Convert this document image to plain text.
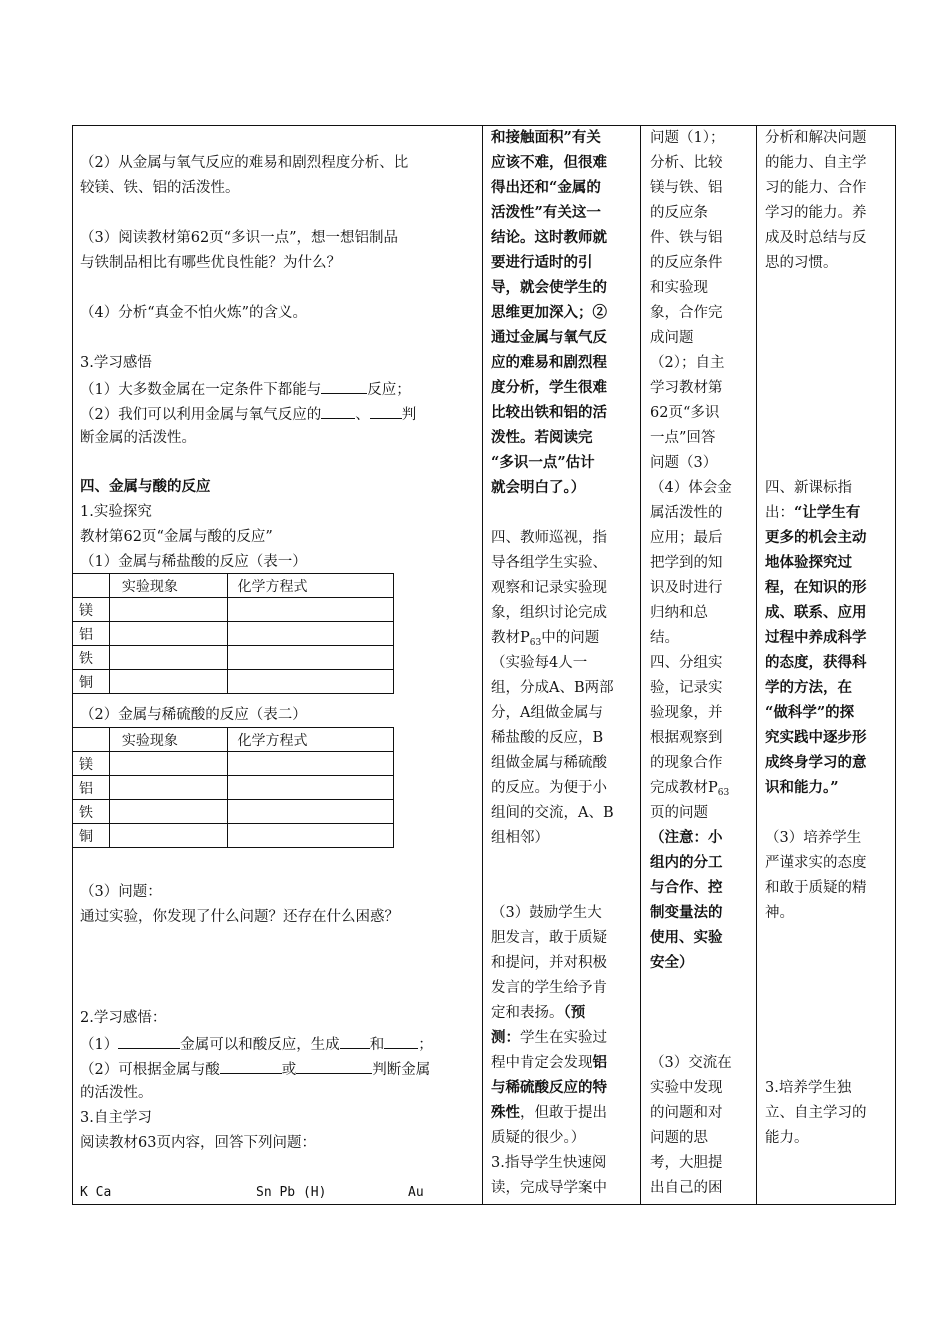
（2）从金属与氧气反应的难易和剧烈程度分析、比
较镁、铁、铝的活泼性。
（3）阅读教材第62页“多识一点”，想一想铝制品
与铁制品相比有哪些优良性能？为什么？
（4）分析“真金不怕火炼”的含义。
3.学习感悟
（1）大多数金属在一定条件下都能与	反应；
（2）我们可以利用金属与氧气反应的 、 判
断金属的活泼性。
四、金属与酸的反应
1.实验探究
教材第62页“金属与酸的反应”
（1）金属与稀盐酸的反应（表一）
	实验现象	化学方程式
镁		
铝		
铁		
铜		
（2）金属与稀硫酸的反应（表二）
	实验现象	化学方程式
镁		
铝		
铁		
铜		
（3）问题：
通过实验，你发现了什么问题？还存在什么困惑？
2.学习感悟：
（1）	金属可以和酸反应，生成 和 ；
（2）可根据金属与酸	或	判断金属
的活泼性。
3.自主学习
阅读教材63页内容，回答下列问题：
K Ca	Sn Pb (H)	Au
和接触面积”有关
应该不难，但很难
得出还和“金属的
活泼性”有关这一
结论。这时教师就
要进行适时的引
导，就会使学生的
思维更加深入；②
通过金属与氧气反
应的难易和剧烈程
度分析，学生很难
比较出铁和铝的活
泼性。若阅读完
“多识一点”估计
就会明白了。）
四、教师巡视，指
导各组学生实验、
观察和记录实验现
象，组织讨论完成
教材$P_{63}$中的问题
（实验每4人一
组，分成A、B两部
分，A组做金属与
稀盐酸的反应，B
组做金属与稀硫酸
的反应。为便于小
组间的交流，A、B
组相邻）
（3）鼓励学生大
胆发言，敢于质疑
和提问，并对积极
发言的学生给予肯
定和表扬。（预
测：学生在实验过
程中肯定会发现铝
与稀硫酸反应的特
殊性，但敢于提出
质疑的很少。）
3.指导学生快速阅
读，完成导学案中
问题（1）；
分析、比较
镁与铁、铝
的反应条
件、铁与铝
的反应条件
和实验现
象，合作完
成问题
（2）；自主
学习教材第
62页“多识
一点”回答
问题（3）
（4）体会金
属活泼性的
应用；最后
把学到的知
识及时进行
归纳和总
结。
四、分组实
验，记录实
验现象，并
根据观察到
的现象合作
完成教材$P_{63}$
页的问题
（注意：小
组内的分工
与合作、控
制变量法的
使用、实验
安全）
（3）交流在
实验中发现
的问题和对
问题的思
考，大胆提
出自己的困
分析和解决问题
的能力、自主学
习的能力、合作
学习的能力。养
成及时总结与反
思的习惯。
四、新课标指
出：“让学生有
更多的机会主动
地体验探究过
程，在知识的形
成、联系、应用
过程中养成科学
的态度，获得科
学的方法，在
“做科学”的探
究实践中逐步形
成终身学习的意
识和能力。”
（3）培养学生
严谨求实的态度
和敢于质疑的精
神。
3.培养学生独
立、自主学习的
能力。
